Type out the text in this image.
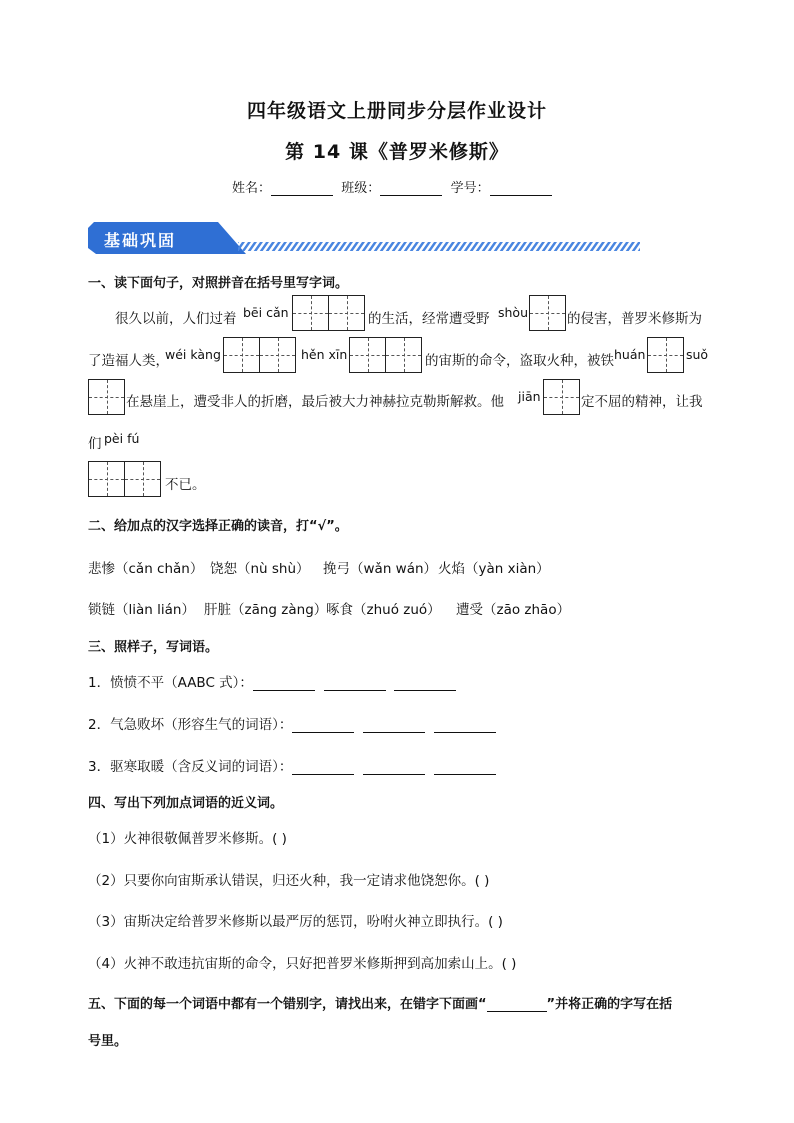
四年级语文上册同步分层作业设计
第 14 课《普罗米修斯》
姓名：	班级：	学号：
基础巩固
一、读下面句子，对照拼音在括号里写字词。
很久以前，人们过着 bēi cǎn	的生活，经常遭受野 shòu	的侵害，普罗米修斯为
了造福人类，
wéi kàng	hěn xīn	的宙斯的命令，盗取火种，被铁 huán	suǒ
在悬崖上，遭受非人的折磨，最后被大力神赫拉克勒斯解救。他 jiān	定不屈的精神，让我
们 pèi fú
不已。
二、给加点的汉字选择正确的读音，打“√”。
悲惨（cǎn chǎn） 饶恕（nù shù） 挽弓（wǎn wán） 火焰（yàn xiàn）
锁链（liàn lián） 肝脏（zāng zàng）
啄食（zhuó zuó） 遭受（zāo zhāo）
三、照样子，写词语。
1．愤愤不平（AABC 式）：
2．气急败坏（形容生气的词语）：
3．驱寒取暖（含反义词的词语）：
四、写出下列加点词语的近义词。
（1）火神很敬佩普罗米修斯。( )
（2）只要你向宙斯承认错误，归还火种，我一定请求他饶恕你。( )
（3）宙斯决定给普罗米修斯以最严厉的惩罚，吩咐火神立即执行。( )
（4）火神不敢违抗宙斯的命令，只好把普罗米修斯押到高加索山上。( )
五、下面的每一个词语中都有一个错别字，请找出来，在错字下面画“	”并将正确的字写在括
号里。
